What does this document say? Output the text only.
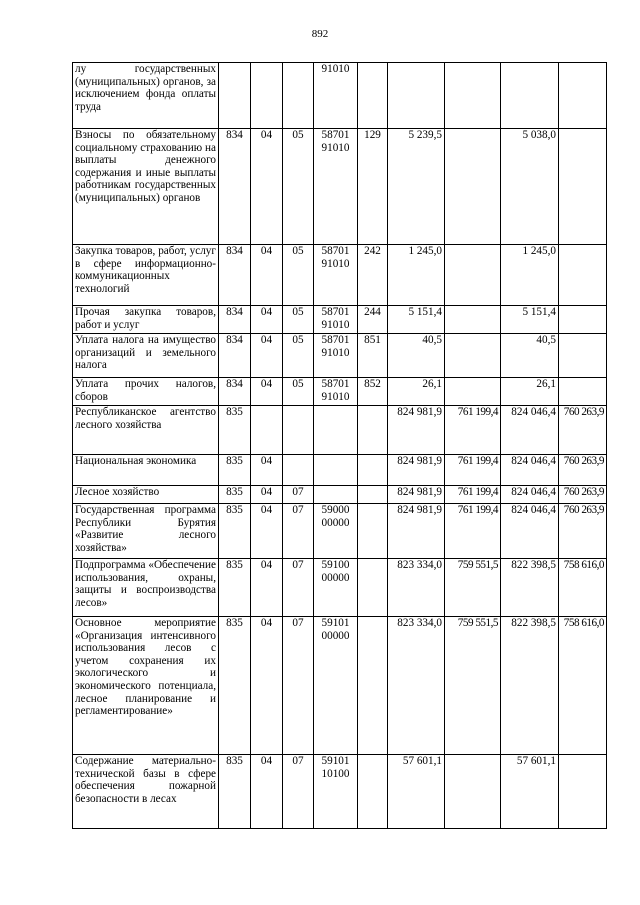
892
лу государственных (муниципальных) органов, за исключением фонда оплаты труда				91010					
Взносы по обязательному социальному страхованию на выплаты денежного содержания и иные выплаты работникам государственных (муниципальных) органов	834	04	05	58701 91010	129	5 239,5		5 038,0	
Закупка товаров, работ, услуг в сфере информационно-коммуникационных технологий	834	04	05	58701 91010	242	1 245,0		1 245,0	
Прочая закупка товаров, работ и услуг	834	04	05	58701 91010	244	5 151,4		5 151,4	
Уплата налога на имущество организаций и земельного налога	834	04	05	58701 91010	851	40,5		40,5	
Уплата прочих налогов, сборов	834	04	05	58701 91010	852	26,1		26,1	
Республиканское агентство лесного хозяйства	835					824 981,9	761 199,4	824 046,4	760 263,9
Национальная экономика	835	04				824 981,9	761 199,4	824 046,4	760 263,9
Лесное хозяйство	835	04	07			824 981,9	761 199,4	824 046,4	760 263,9
Государственная программа Республики Бурятия «Развитие лесного хозяйства»	835	04	07	59000 00000		824 981,9	761 199,4	824 046,4	760 263,9
Подпрограмма «Обеспечение использования, охраны, защиты и воспроизводства лесов»	835	04	07	59100 00000		823 334,0	759 551,5	822 398,5	758 616,0
Основное мероприятие «Организация интенсивного использования лесов с учетом сохранения их экологического и экономического потенциала, лесное планирование и регламентирование»	835	04	07	59101 00000		823 334,0	759 551,5	822 398,5	758 616,0
Содержание материально-технической базы в сфере обеспечения пожарной безопасности в лесах	835	04	07	59101 10100		57 601,1		57 601,1	
